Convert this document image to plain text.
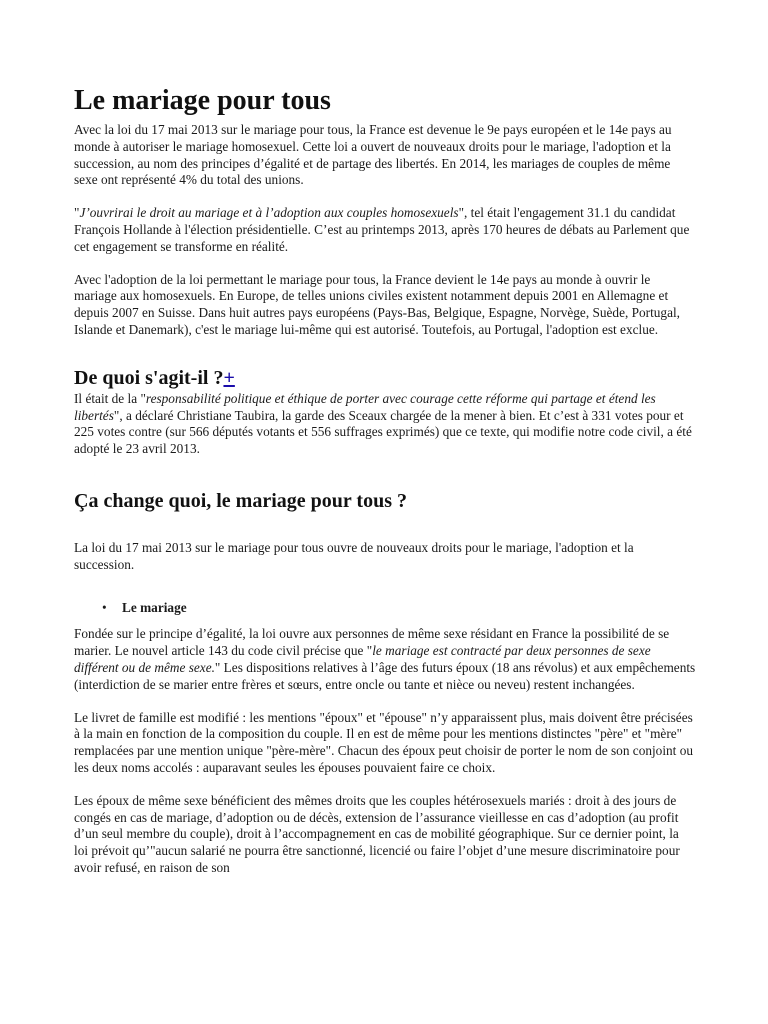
Le mariage pour tous

Avec la loi du 17 mai 2013 sur le mariage pour tous, la France est devenue le 9e pays européen et le 14e pays au monde à autoriser le mariage homosexuel. Cette loi a ouvert de nouveaux droits pour le mariage, l'adoption et la succession, au nom des principes d’égalité et de partage des libertés. En 2014, les mariages de couples de même sexe ont représenté 4% du total des unions.

"J’ouvrirai le droit au mariage et à l’adoption aux couples homosexuels", tel était l'engagement 31.1 du candidat François Hollande à l'élection présidentielle. C’est au printemps 2013, après 170 heures de débats au Parlement que cet engagement se transforme en réalité.

Avec l'adoption de la loi permettant le mariage pour tous, la France devient le 14e pays au monde à ouvrir le mariage aux homosexuels. En Europe, de telles unions civiles existent notamment depuis 2001 en Allemagne et depuis 2007 en Suisse. Dans huit autres pays européens (Pays-Bas, Belgique, Espagne, Norvège, Suède, Portugal, Islande et Danemark), c'est le mariage lui-même qui est autorisé. Toutefois, au Portugal, l'adoption est exclue.

De quoi s'agit-il ?+

Il était de la "responsabilité politique et éthique de porter avec courage cette réforme qui partage et étend les libertés", a déclaré Christiane Taubira, la garde des Sceaux chargée de la mener à bien. Et c’est à 331 votes pour et 225 votes contre (sur 566 députés votants et 556 suffrages exprimés) que ce texte, qui modifie notre code civil, a été adopté le 23 avril 2013.

Ça change quoi, le mariage pour tous ?

La loi du 17 mai 2013 sur le mariage pour tous ouvre de nouveaux droits pour le mariage, l'adoption et la succession.

• Le mariage

Fondée sur le principe d’égalité, la loi ouvre aux personnes de même sexe résidant en France la possibilité de se marier. Le nouvel article 143 du code civil précise que "le mariage est contracté par deux personnes de sexe différent ou de même sexe." Les dispositions relatives à l’âge des futurs époux (18 ans révolus) et aux empêchements (interdiction de se marier entre frères et sœurs, entre oncle ou tante et nièce ou neveu) restent inchangées.

Le livret de famille est modifié : les mentions "époux" et "épouse" n’y apparaissent plus, mais doivent être précisées à la main en fonction de la composition du couple. Il en est de même pour les mentions distinctes "père" et "mère" remplacées par une mention unique "père-mère". Chacun des époux peut choisir de porter le nom de son conjoint ou les deux noms accolés : auparavant seules les épouses pouvaient faire ce choix.

Les époux de même sexe bénéficient des mêmes droits que les couples hétérosexuels mariés : droit à des jours de congés en cas de mariage, d’adoption ou de décès, extension de l’assurance vieillesse en cas d’adoption (au profit d’un seul membre du couple), droit à l’accompagnement en cas de mobilité géographique. Sur ce dernier point, la loi prévoit qu’"aucun salarié ne pourra être sanctionné, licencié ou faire l’objet d’une mesure discriminatoire pour avoir refusé, en raison de son
